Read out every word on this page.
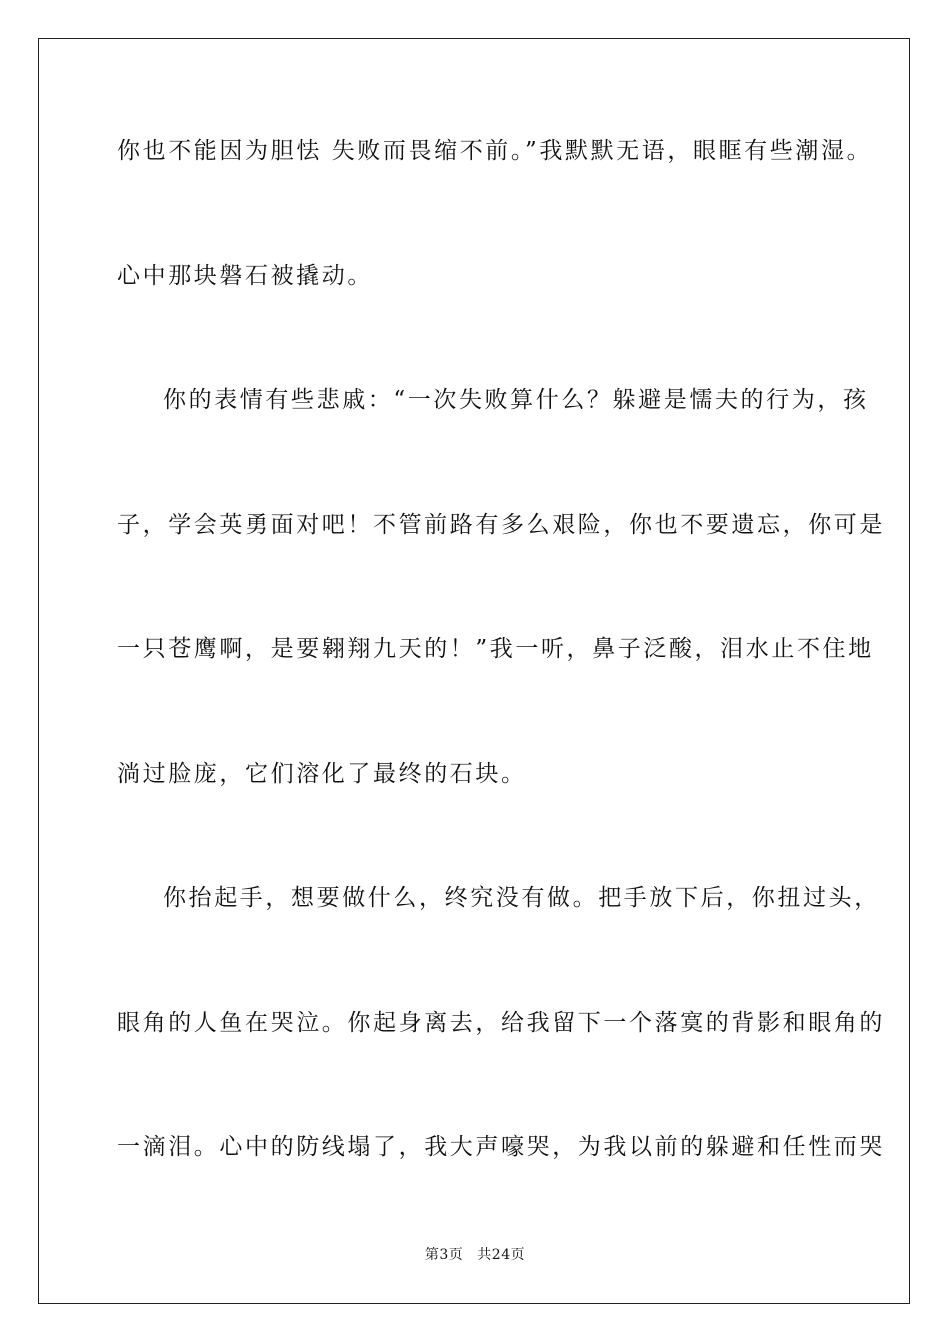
你也不能因为胆怯 失败而畏缩不前。”我默默无语，眼眶有些潮湿。
心中那块磐石被撬动。
你的表情有些悲戚：“一次失败算什么？躲避是懦夫的行为，孩
子，学会英勇面对吧！不管前路有多么艰险，你也不要遗忘，你可是
一只苍鹰啊，是要翱翔九天的！”我一听，鼻子泛酸，泪水止不住地
淌过脸庞，它们溶化了最终的石块。
你抬起手，想要做什么，终究没有做。把手放下后，你扭过头，
眼角的人鱼在哭泣。你起身离去，给我留下一个落寞的背影和眼角的
一滴泪。心中的防线塌了，我大声嚎哭，为我以前的躲避和任性而哭
第3页 共24页
